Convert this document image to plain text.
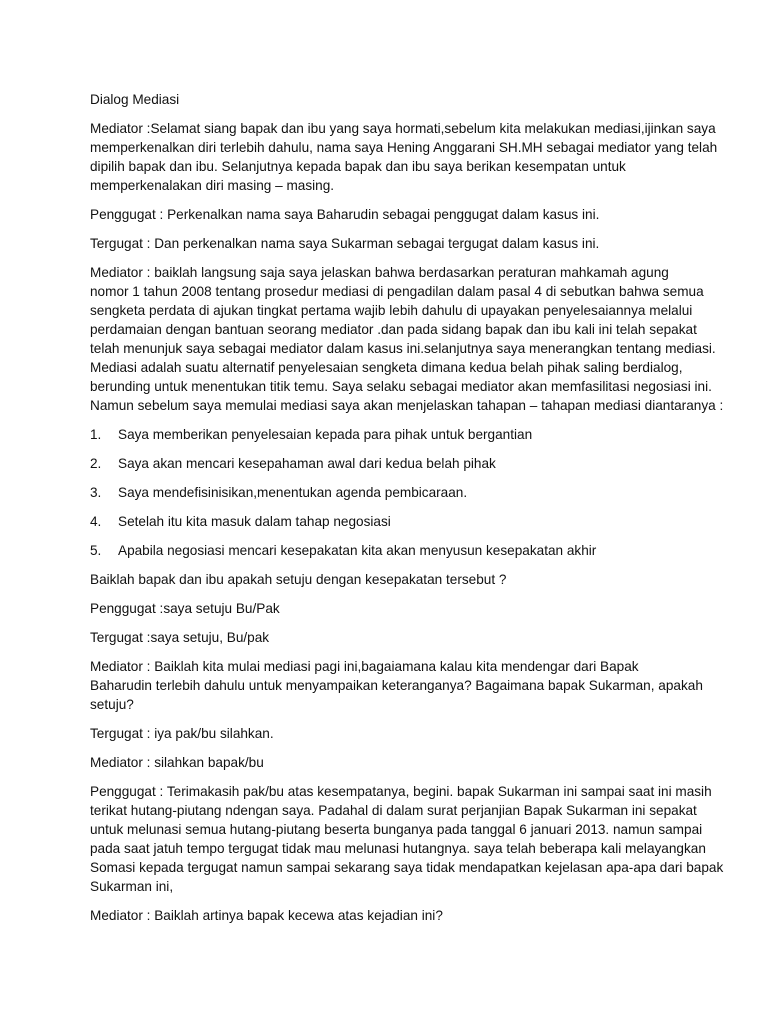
Dialog Mediasi
Mediator :Selamat siang bapak dan ibu yang saya hormati,sebelum kita melakukan mediasi,ijinkan saya
memperkenalkan diri terlebih dahulu, nama saya Hening Anggarani SH.MH sebagai mediator yang telah
dipilih bapak dan ibu. Selanjutnya kepada bapak dan ibu saya berikan kesempatan untuk
memperkenalakan diri masing – masing.
Penggugat : Perkenalkan nama saya Baharudin sebagai penggugat dalam kasus ini.
Tergugat : Dan perkenalkan nama saya Sukarman sebagai tergugat dalam kasus ini.
Mediator : baiklah langsung saja saya jelaskan bahwa berdasarkan peraturan mahkamah agung
nomor 1 tahun 2008 tentang prosedur mediasi di pengadilan dalam pasal 4 di sebutkan bahwa semua
sengketa perdata di ajukan tingkat pertama wajib lebih dahulu di upayakan penyelesaiannya melalui
perdamaian dengan bantuan seorang mediator .dan pada sidang bapak dan ibu kali ini telah sepakat
telah menunjuk saya sebagai mediator dalam kasus ini.selanjutnya saya menerangkan tentang mediasi.
Mediasi adalah suatu alternatif penyelesaian sengketa dimana kedua belah pihak saling berdialog,
berunding untuk menentukan titik temu. Saya selaku sebagai mediator akan memfasilitasi negosiasi ini.
Namun sebelum saya memulai mediasi saya akan menjelaskan tahapan – tahapan mediasi diantaranya :
1. Saya memberikan penyelesaian kepada para pihak untuk bergantian
2. Saya akan mencari kesepahaman awal dari kedua belah pihak
3. Saya mendefisinisikan,menentukan agenda pembicaraan.
4. Setelah itu kita masuk dalam tahap negosiasi
5. Apabila negosiasi mencari kesepakatan kita akan menyusun kesepakatan akhir
Baiklah bapak dan ibu apakah setuju dengan kesepakatan tersebut ?
Penggugat :saya setuju Bu/Pak
Tergugat :saya setuju, Bu/pak
Mediator : Baiklah kita mulai mediasi pagi ini,bagaiamana kalau kita mendengar dari Bapak
Baharudin terlebih dahulu untuk menyampaikan keteranganya? Bagaimana bapak Sukarman, apakah
setuju?
Tergugat : iya pak/bu silahkan.
Mediator : silahkan bapak/bu
Penggugat : Terimakasih pak/bu atas kesempatanya, begini. bapak Sukarman ini sampai saat ini masih
terikat hutang-piutang ndengan saya. Padahal di dalam surat perjanjian Bapak Sukarman ini sepakat
untuk melunasi semua hutang-piutang beserta bunganya pada tanggal 6 januari 2013. namun sampai
pada saat jatuh tempo tergugat tidak mau melunasi hutangnya. saya telah beberapa kali melayangkan
Somasi kepada tergugat namun sampai sekarang saya tidak mendapatkan kejelasan apa-apa dari bapak
Sukarman ini,
Mediator : Baiklah artinya bapak kecewa atas kejadian ini?
